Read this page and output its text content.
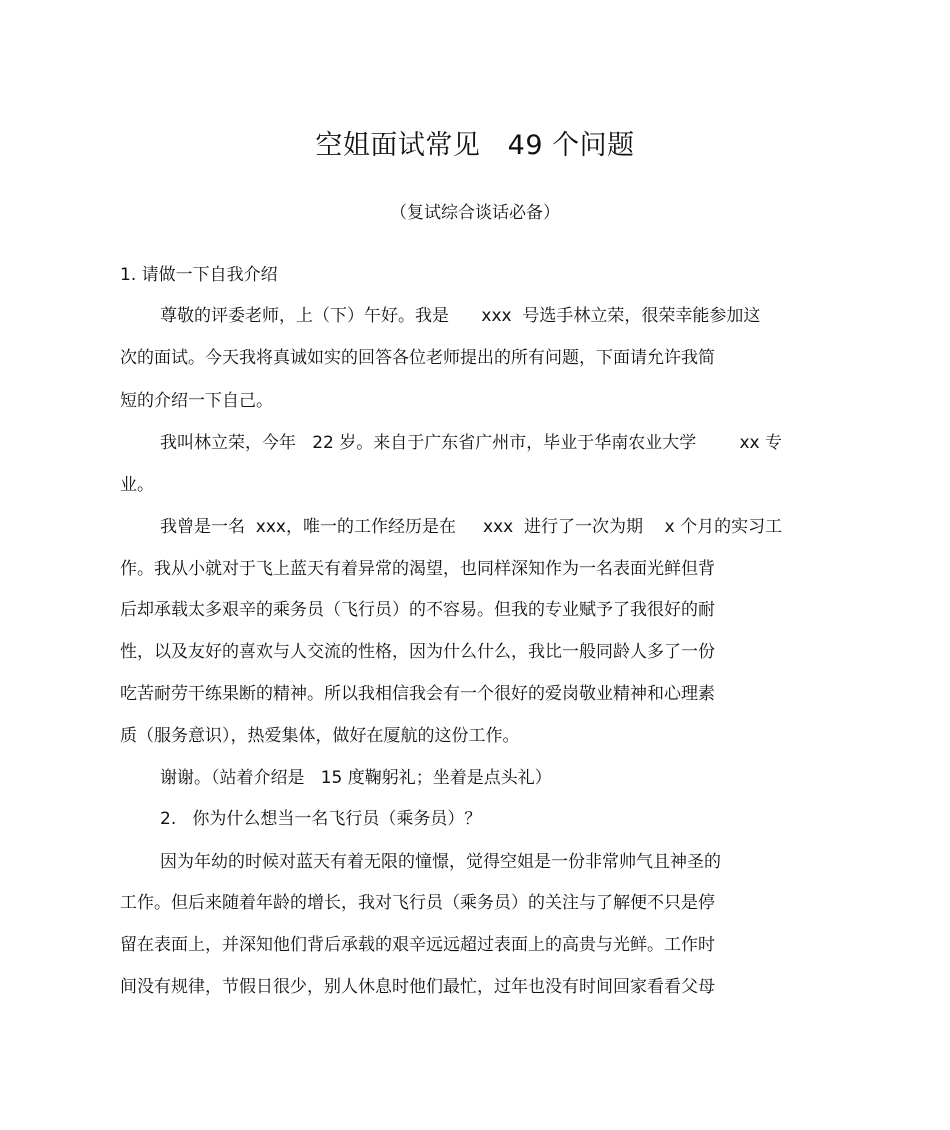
空姐面试常见   49 个问题
（复试综合谈话必备）
1. 请做一下自我介绍
尊敬的评委老师，上（下）午好。我是      xxx  号选手林立荣，很荣幸能参加这
次的面试。今天我将真诚如实的回答各位老师提出的所有问题，下面请允许我简
短的介绍一下自己。
我叫林立荣，今年   22 岁。来自于广东省广州市，毕业于华南农业大学        xx 专
业。
我曾是一名  xxx，唯一的工作经历是在     xxx  进行了一次为期    x 个月的实习工
作。我从小就对于飞上蓝天有着异常的渴望，也同样深知作为一名表面光鲜但背
后却承载太多艰辛的乘务员（飞行员）的不容易。但我的专业赋予了我很好的耐
性，以及友好的喜欢与人交流的性格，因为什么什么，我比一般同龄人多了一份
吃苦耐劳干练果断的精神。所以我相信我会有一个很好的爱岗敬业精神和心理素
质（服务意识），热爱集体，做好在厦航的这份工作。
谢谢。（站着介绍是   15 度鞠躬礼；坐着是点头礼）
2.   你为什么想当一名飞行员（乘务员）？
因为年幼的时候对蓝天有着无限的憧憬，觉得空姐是一份非常帅气且神圣的
工作。但后来随着年龄的增长，我对飞行员（乘务员）的关注与了解便不只是停
留在表面上，并深知他们背后承载的艰辛远远超过表面上的高贵与光鲜。工作时
间没有规律，节假日很少，别人休息时他们最忙，过年也没有时间回家看看父母
